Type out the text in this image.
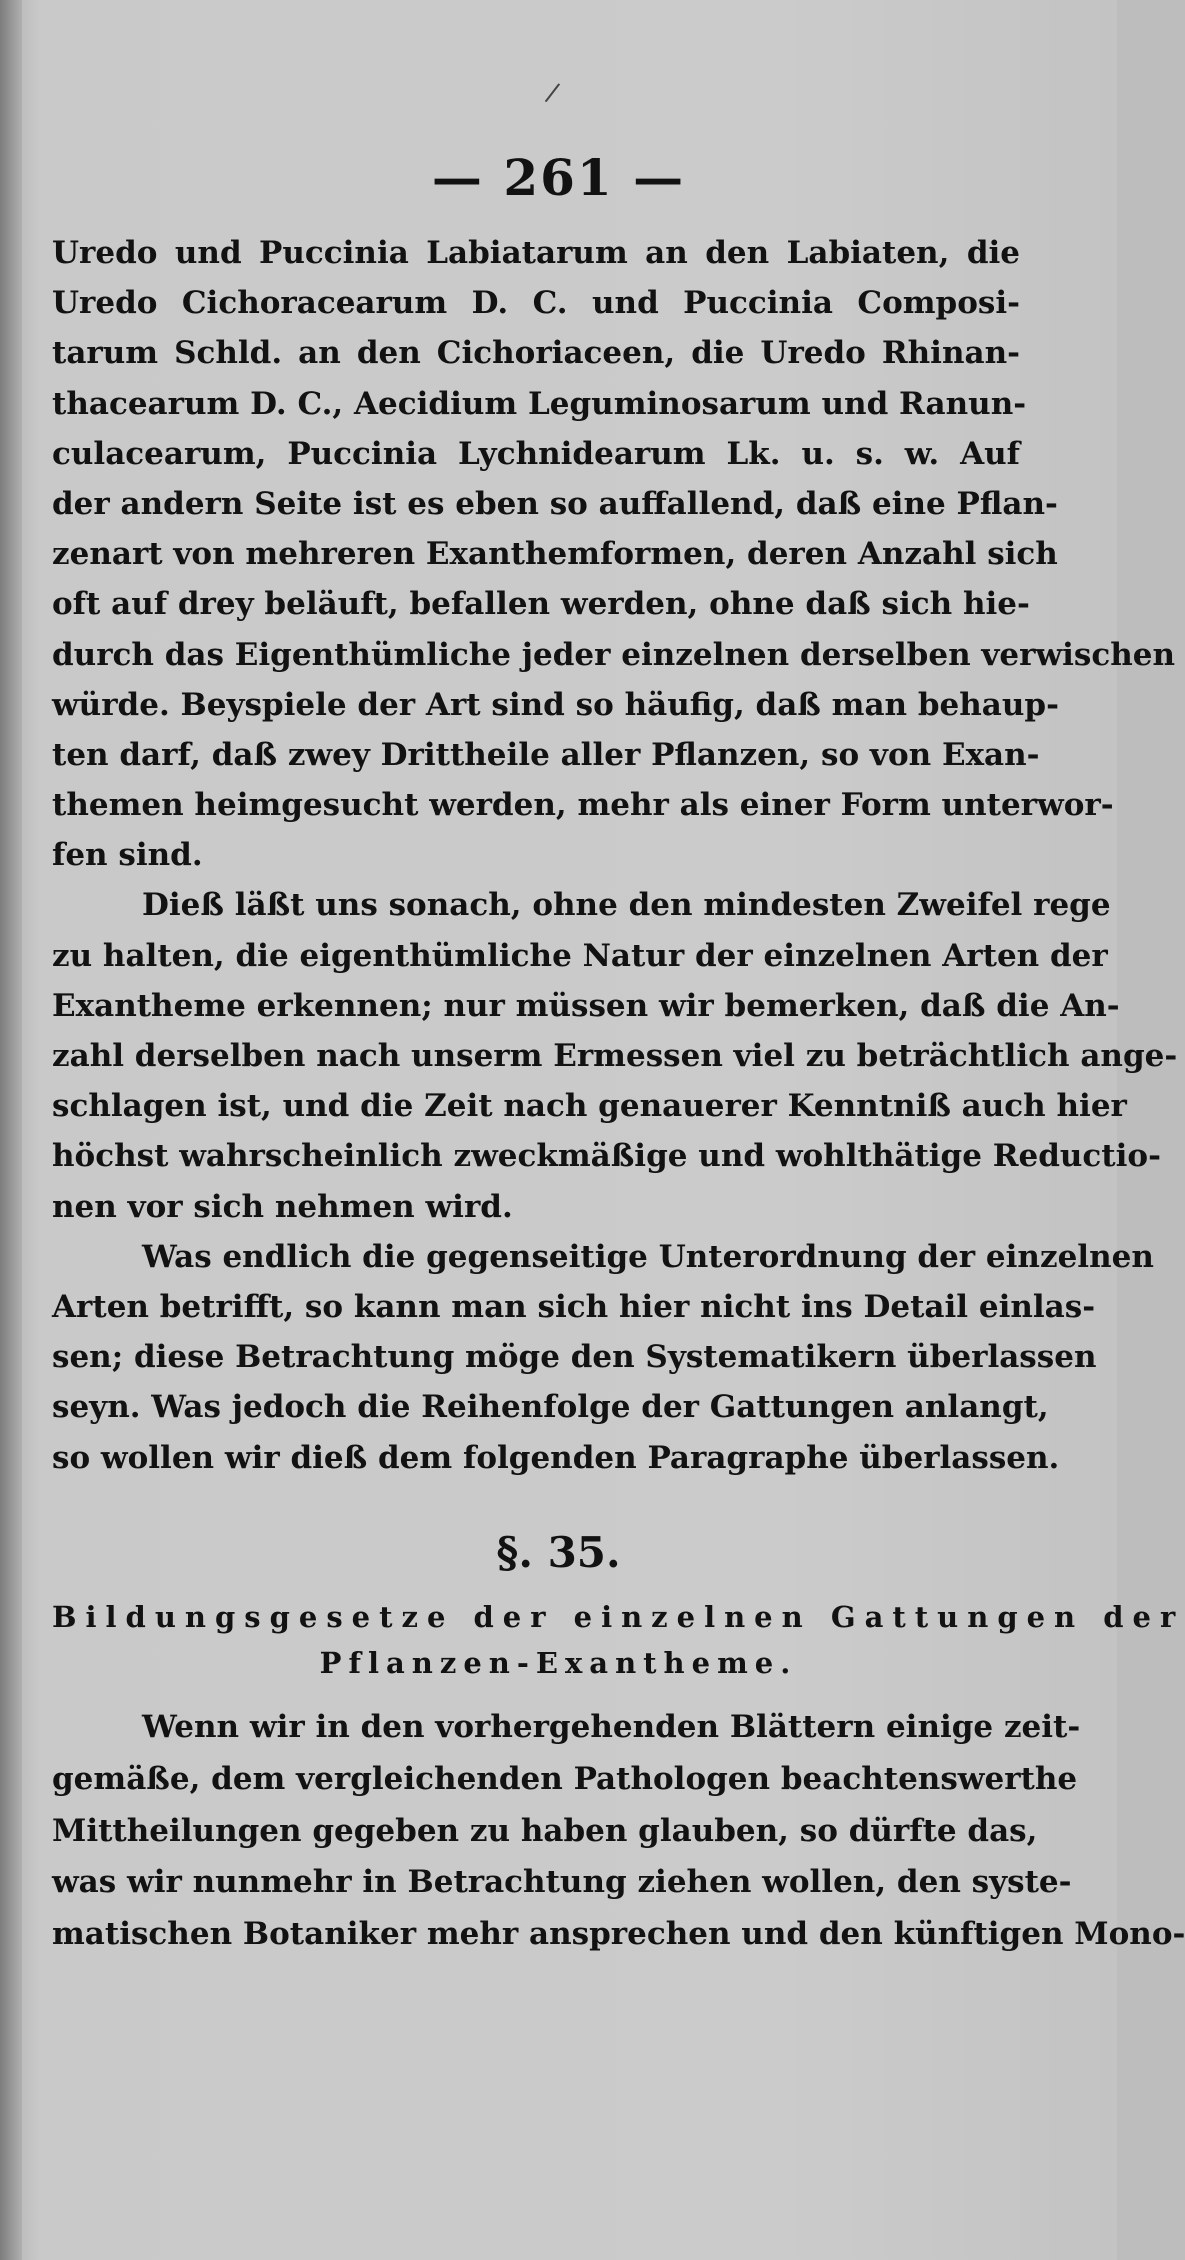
/
— 261 —
Uredo und Puccinia Labiatarum an den Labiaten, die
Uredo Cichoracearum D. C. und Puccinia Composi-
tarum Schld. an den Cichoriaceen, die Uredo Rhinan-
thacearum D. C., Aecidium Leguminosarum und Ranun-
culacearum, Puccinia Lychnidearum Lk. u. s. w. Auf
der andern Seite ist es eben so auffallend, daß eine Pflan-
zenart von mehreren Exanthemformen, deren Anzahl sich
oft auf drey beläuft, befallen werden, ohne daß sich hie-
durch das Eigenthümliche jeder einzelnen derselben verwischen
würde. Beyspiele der Art sind so häufig, daß man behaup-
ten darf, daß zwey Drittheile aller Pflanzen, so von Exan-
themen heimgesucht werden, mehr als einer Form unterwor-
fen sind.
Dieß läßt uns sonach, ohne den mindesten Zweifel rege
zu halten, die eigenthümliche Natur der einzelnen Arten der
Exantheme erkennen; nur müssen wir bemerken, daß die An-
zahl derselben nach unserm Ermessen viel zu beträchtlich ange-
schlagen ist, und die Zeit nach genauerer Kenntniß auch hier
höchst wahrscheinlich zweckmäßige und wohlthätige Reductio-
nen vor sich nehmen wird.
Was endlich die gegenseitige Unterordnung der einzelnen
Arten betrifft, so kann man sich hier nicht ins Detail einlas-
sen; diese Betrachtung möge den Systematikern überlassen
seyn. Was jedoch die Reihenfolge der Gattungen anlangt,
so wollen wir dieß dem folgenden Paragraphe überlassen.
§. 35.
Bildungsgesetze der einzelnen Gattungen der
Pflanzen-Exantheme.
Wenn wir in den vorhergehenden Blättern einige zeit-
gemäße, dem vergleichenden Pathologen beachtenswerthe
Mittheilungen gegeben zu haben glauben, so dürfte das,
was wir nunmehr in Betrachtung ziehen wollen, den syste-
matischen Botaniker mehr ansprechen und den künftigen Mono-
